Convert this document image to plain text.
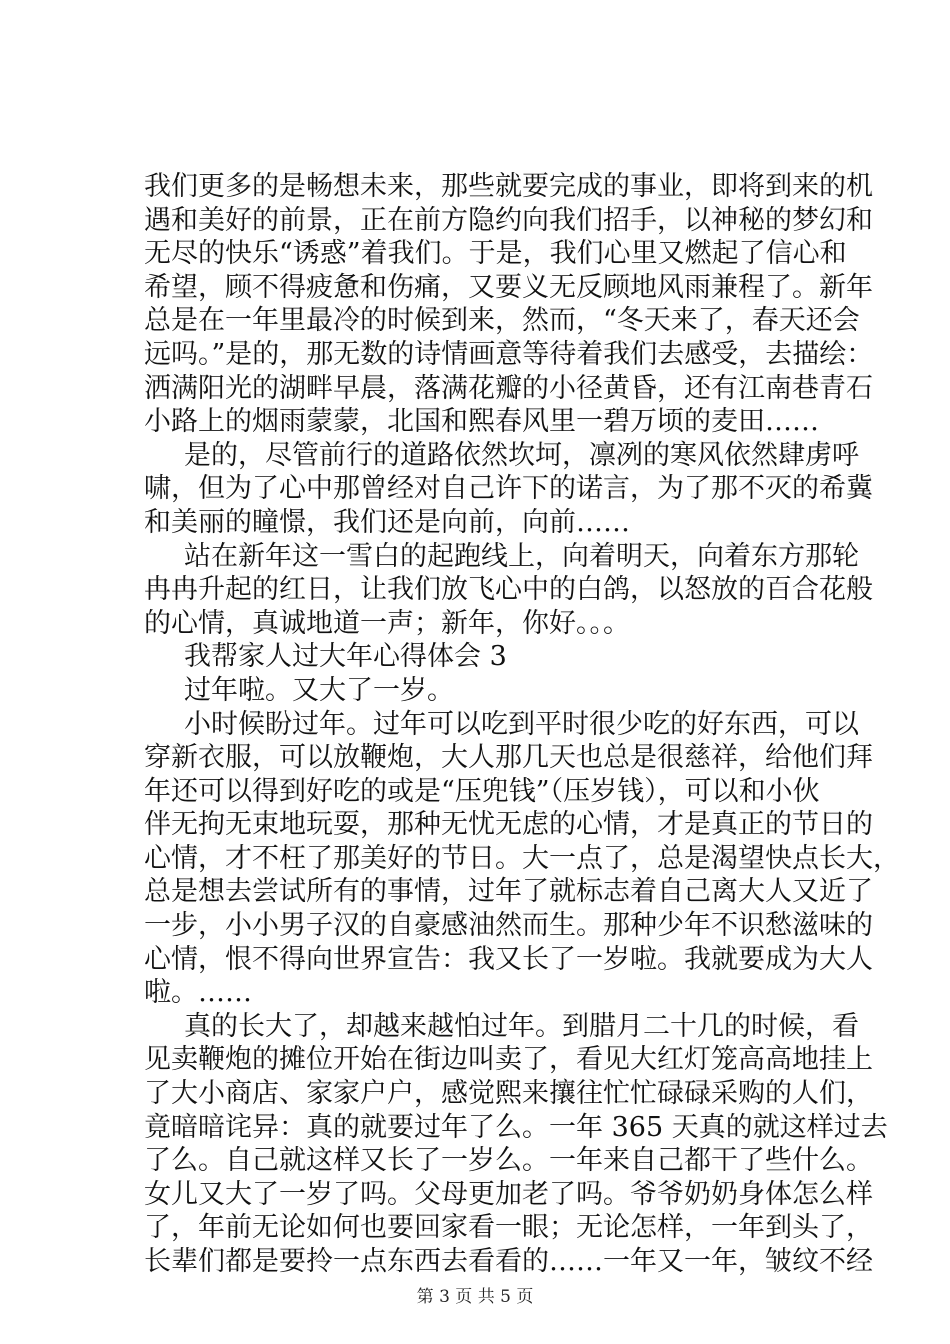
我们更多的是畅想未来，那些就要完成的事业，即将到来的机
遇和美好的前景，正在前方隐约向我们招手，以神秘的梦幻和
无尽的快乐“诱惑”着我们。于是，我们心里又燃起了信心和
希望，顾不得疲惫和伤痛，又要义无反顾地风雨兼程了。新年
总是在一年里最冷的时候到来，然而，“冬天来了，春天还会
远吗。”是的，那无数的诗情画意等待着我们去感受，去描绘：
洒满阳光的湖畔早晨，落满花瓣的小径黄昏，还有江南巷青石
小路上的烟雨蒙蒙，北国和熙春风里一碧万顷的麦田……
是的，尽管前行的道路依然坎坷，凛冽的寒风依然肆虏呼
啸，但为了心中那曾经对自己许下的诺言，为了那不灭的希冀
和美丽的瞳憬，我们还是向前，向前……
站在新年这一雪白的起跑线上，向着明天，向着东方那轮
冉冉升起的红日，让我们放飞心中的白鸽，以怒放的百合花般
的心情，真诚地道一声；新年，你好。。。
我帮家人过大年心得体会 3
过年啦。又大了一岁。
小时候盼过年。过年可以吃到平时很少吃的好东西，可以
穿新衣服，可以放鞭炮，大人那几天也总是很慈祥，给他们拜
年还可以得到好吃的或是“压兜钱”（压岁钱），可以和小伙
伴无拘无束地玩耍，那种无忧无虑的心情，才是真正的节日的
心情，才不枉了那美好的节日。大一点了，总是渴望快点长大，
总是想去尝试所有的事情，过年了就标志着自己离大人又近了
一步，小小男子汉的自豪感油然而生。那种少年不识愁滋味的
心情，恨不得向世界宣告：我又长了一岁啦。我就要成为大人
啦。……
真的长大了，却越来越怕过年。到腊月二十几的时候，看
见卖鞭炮的摊位开始在街边叫卖了，看见大红灯笼高高地挂上
了大小商店、家家户户，感觉熙来攘往忙忙碌碌采购的人们，
竟暗暗诧异：真的就要过年了么。一年 365 天真的就这样过去
了么。自己就这样又长了一岁么。一年来自己都干了些什么。
女儿又大了一岁了吗。父母更加老了吗。爷爷奶奶身体怎么样
了，年前无论如何也要回家看一眼；无论怎样，一年到头了，
长辈们都是要拎一点东西去看看的……一年又一年，皱纹不经
第 3 页 共 5 页
